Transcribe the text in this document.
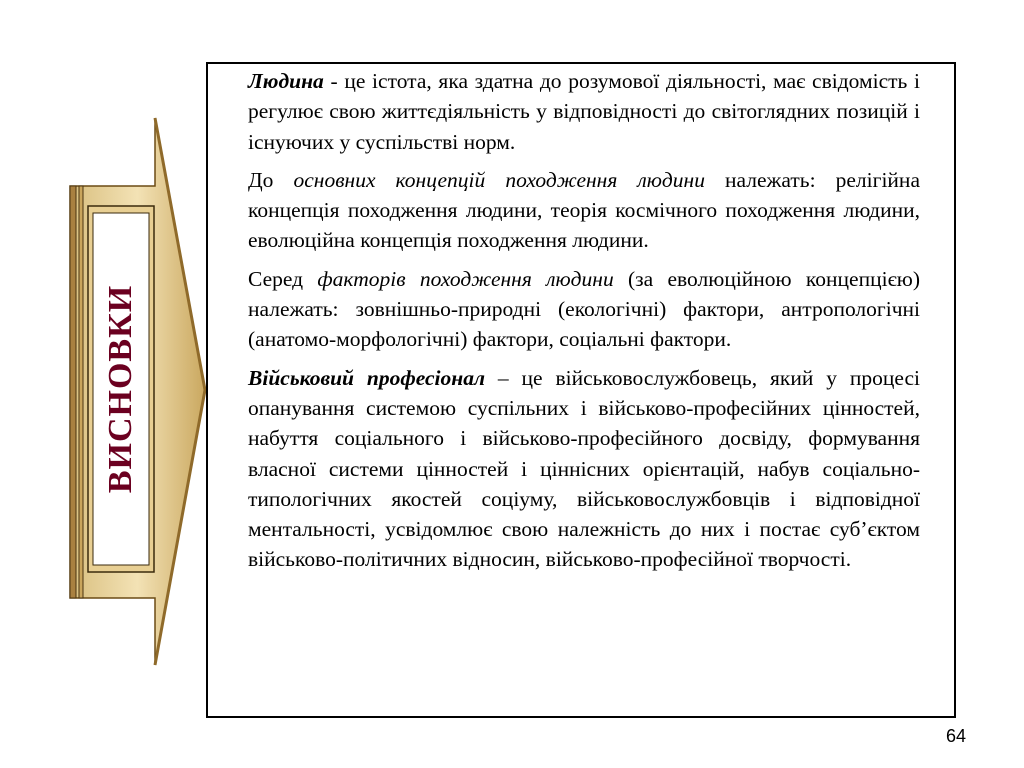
ВИСНОВКИ

Людина - це істота, яка здатна до розумової діяльності, має свідомість і регулює свою життєдіяльність у відповідності до світоглядних позицій і існуючих у суспільстві норм.

До основних концепцій походження людини належать: релігійна концепція походження людини, теорія космічного походження людини, еволюційна концепція походження людини.

Серед факторів походження людини (за еволюційною концепцією) належать: зовнішньо-природні (екологічні) фактори, антропологічні (анатомо-морфологічні) фактори, соціальні фактори.

Військовий професіонал – це військовослужбовець, який у процесі опанування системою суспільних і військово-професійних цінностей, набуття соціального і військово-професійного досвіду, формування власної системи цінностей і ціннісних орієнтацій, набув соціально-типологічних якостей соціуму, військовослужбовців і відповідної ментальності, усвідомлює свою належність до них і постає суб’єктом військово-політичних відносин, військово-професійної творчості.

64
